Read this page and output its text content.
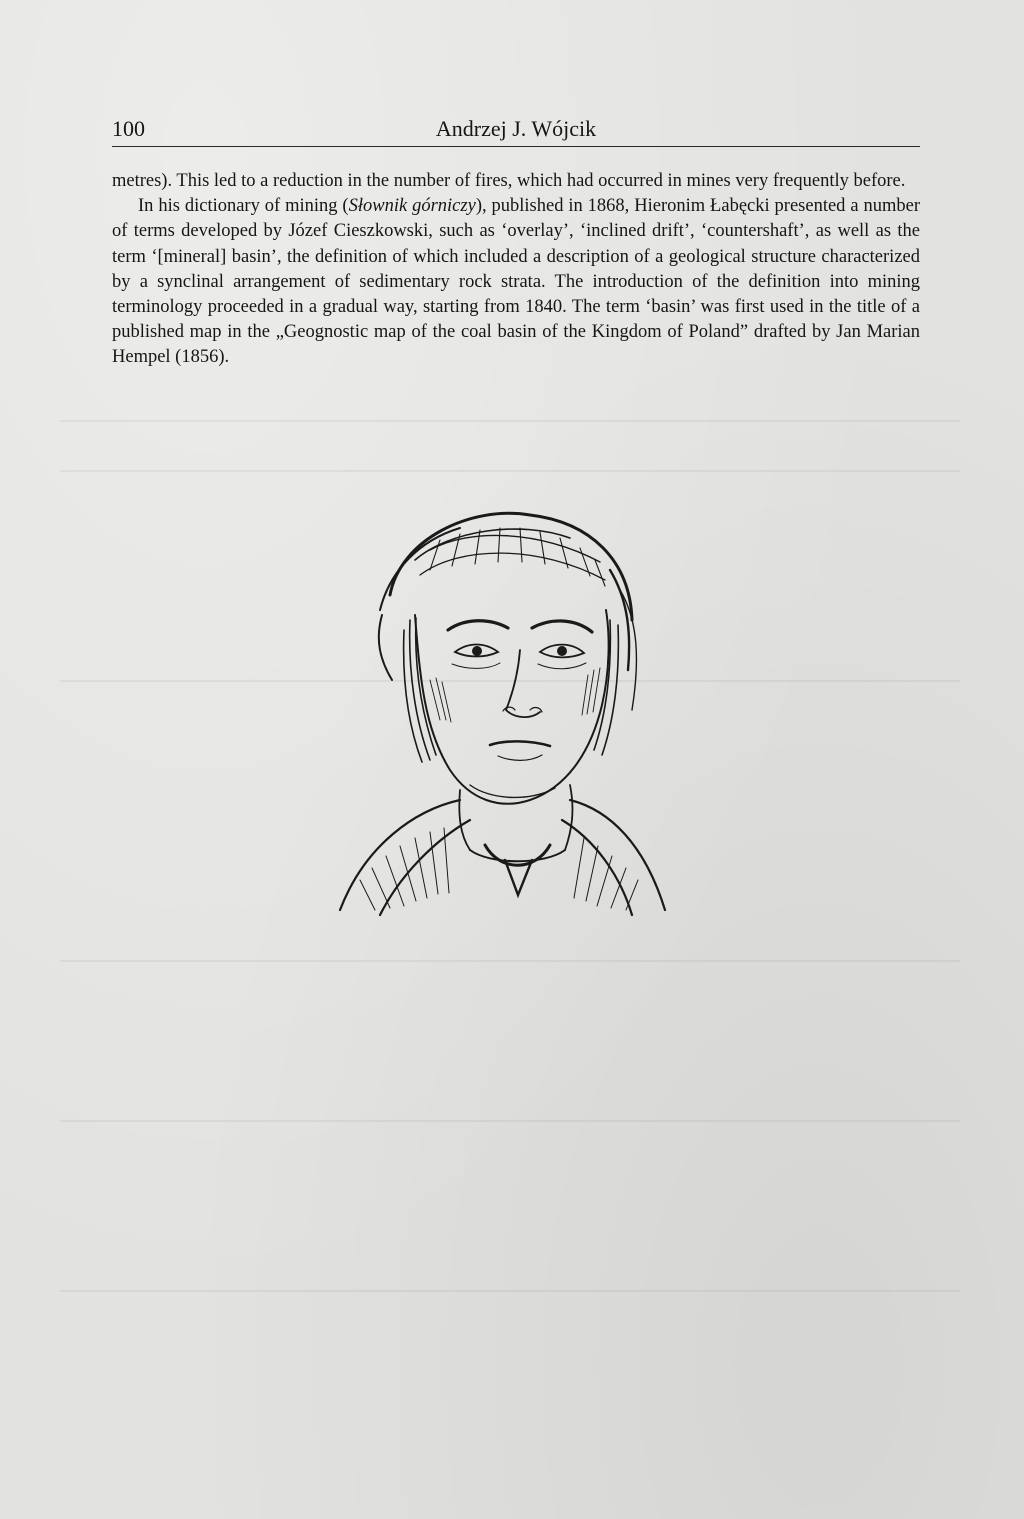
100	Andrzej J. Wójcik

metres). This led to a reduction in the number of fires, which had occurred in mines very frequently before.

In his dictionary of mining (Słownik górniczy), published in 1868, Hieronim Łabęcki presented a number of terms developed by Józef Cieszkowski, such as ‘overlay’, ‘inclined drift’, ‘countershaft’, as well as the term ‘[mineral] basin’, the definition of which included a description of a geological structure characterized by a synclinal arrangement of sedimentary rock strata. The introduction of the definition into mining terminology proceeded in a gradual way, starting from 1840. The term ‘basin’ was first used in the title of a published map in the „Geognostic map of the coal basin of the Kingdom of Poland” drafted by Jan Marian Hempel (1856).
